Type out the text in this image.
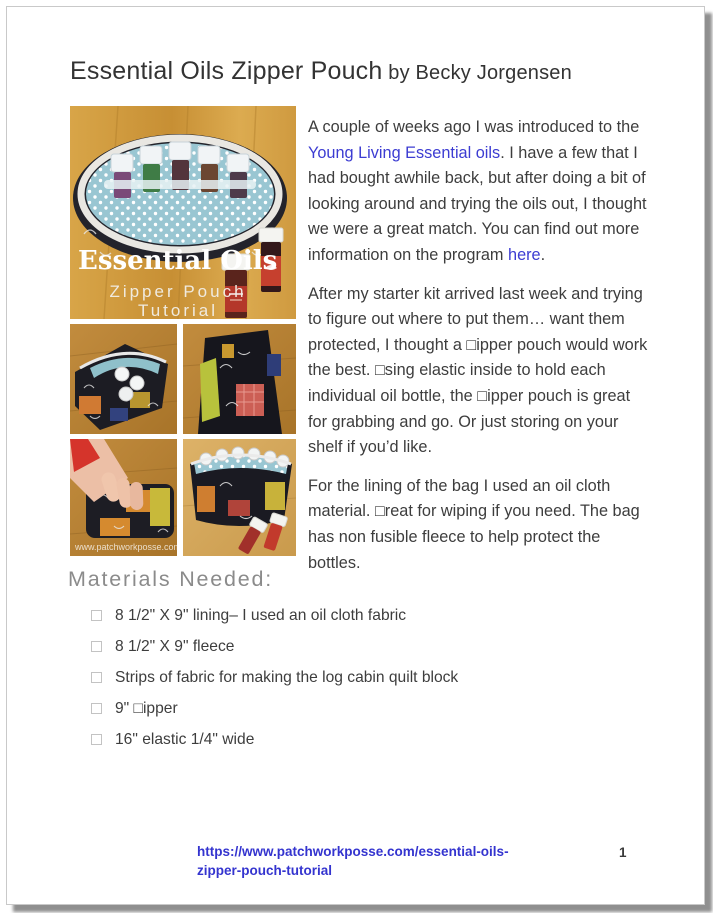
Essential Oils Zipper Pouch by Becky Jorgensen
Essential Oils
Zipper Pouch
Tutorial
www.patchworkposse.com

A couple of weeks ago I was introduced to the Young Living Essential oils. I have a few that I had bought awhile back, but after doing a bit of looking around and trying the oils out, I thought we were a great match. You can find out more information on the program here.

After my starter kit arrived last week and trying to figure out where to put them… want them protected, I thought a □ipper pouch would work the best. □sing elastic inside to hold each individual oil bottle, the □ipper pouch is great for grabbing and go. Or just storing on your shelf if you’d like.

For the lining of the bag I used an oil cloth material. □reat for wiping if you need. The bag has non fusible fleece to help protect the bottles.

Materials Needed:
8 1/2" X 9" lining– I used an oil cloth fabric
8 1/2" X 9" fleece
Strips of fabric for making the log cabin quilt block
9" □ipper
16" elastic 1/4" wide
https://www.patchworkposse.com/essential-oils-
zipper-pouch-tutorial
1
